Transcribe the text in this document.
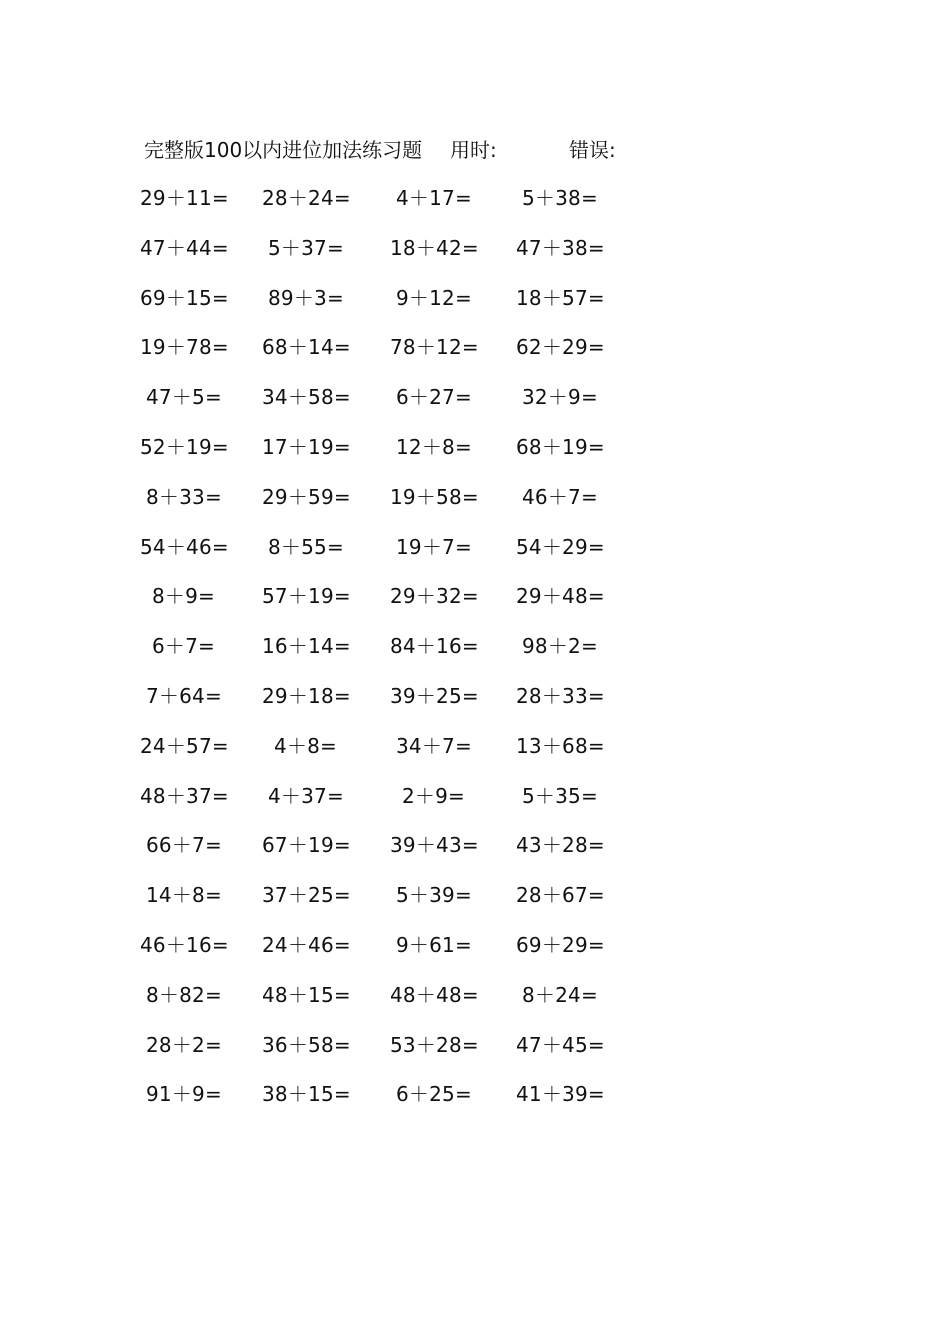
完整版100以内进位加法练习题 用时:	错误:
29＋11= 28＋24= 4＋17=	5＋38=
47＋44= 5＋37= 18＋42= 47＋38=
69＋15= 89＋3=	9＋12= 18＋57=
19＋78= 68＋14= 78＋12= 62＋29=
47＋5= 34＋58= 6＋27=	32＋9=
52＋19= 17＋19= 12＋8= 68＋19=
8＋33= 29＋59= 19＋58= 46＋7=
54＋46= 8＋55=	19＋7= 54＋29=
8＋9= 57＋19= 29＋32= 29＋48=
6＋7= 16＋14= 84＋16= 98＋2=
7＋64= 29＋18= 39＋25= 28＋33=
24＋57= 4＋8=	34＋7= 13＋68=
48＋37= 4＋37=	2＋9=	5＋35=
66＋7= 67＋19= 39＋43= 43＋28=
14＋8= 37＋25= 5＋39= 28＋67=
46＋16= 24＋46= 9＋61= 69＋29=
8＋82= 48＋15= 48＋48= 8＋24=
28＋2= 36＋58= 53＋28= 47＋45=
91＋9= 38＋15= 6＋25= 41＋39=
